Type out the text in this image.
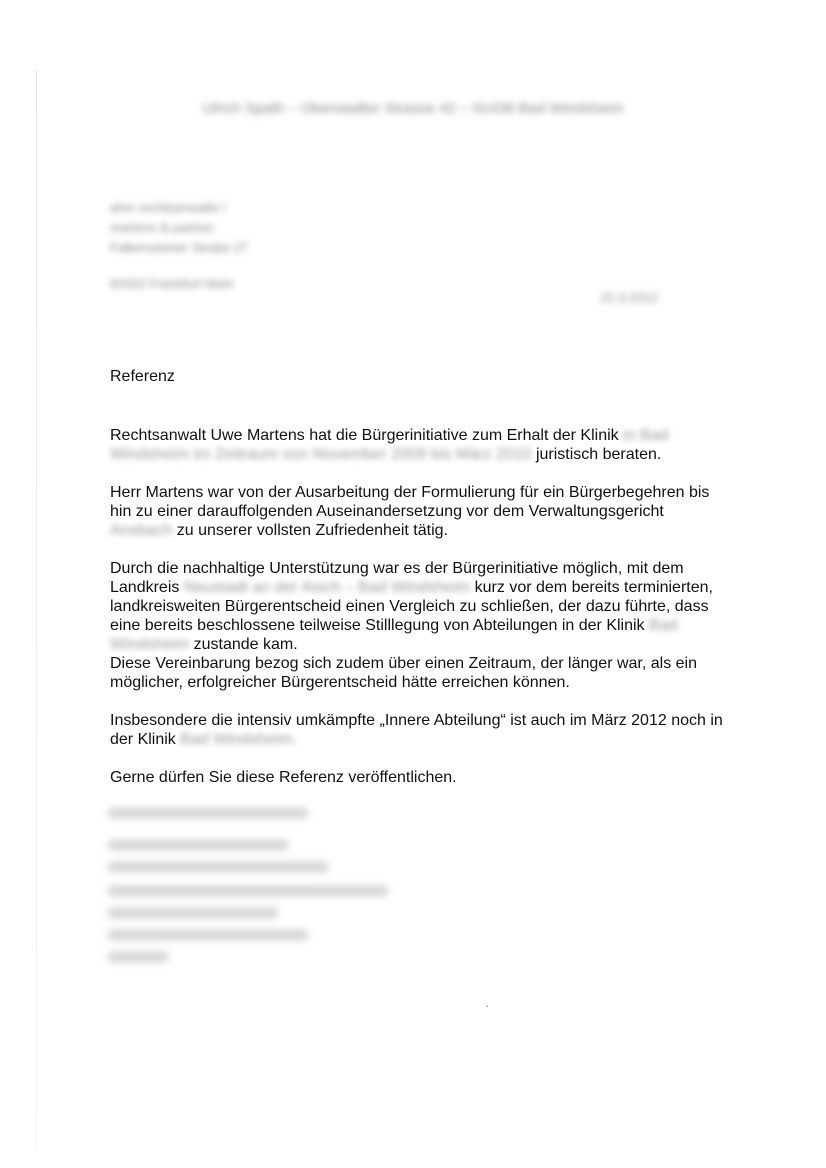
Ulrich Spath – Oberstadter Strasse 42 – 91438 Bad Windsheim
ahm rechtsanwalte i
martens & partner
Falkensteiner Strabe 27
60322 Frankfurt Main
15.3.2012
Referenz

Rechtsanwalt Uwe Martens hat die Bürgerinitiative zum Erhalt der Klinik in Bad
Windsheim im Zeitraum von November 2009 bis März 2010 juristisch beraten.

Herr Martens war von der Ausarbeitung der Formulierung für ein Bürgerbegehren bis hin zu einer darauffolgenden Auseinandersetzung vor dem Verwaltungsgericht
Ansbach zu unserer vollsten Zufriedenheit tätig.

Durch die nachhaltige Unterstützung war es der Bürgerinitiative möglich, mit dem Landkreis Neustadt an der Aisch – Bad Windsheim kurz vor dem bereits terminierten, landkreisweiten Bürgerentscheid einen Vergleich zu schließen, der dazu führte, dass eine bereits beschlossene teilweise Stilllegung von Abteilungen in der Klinik Bad
Windsheim zustande kam.

Diese Vereinbarung bezog sich zudem über einen Zeitraum, der länger war, als ein möglicher, erfolgreicher Bürgerentscheid hätte erreichen können.

Insbesondere die intensiv umkämpfte „Innere Abteilung“ ist auch im März 2012 noch in der Klinik Bad Windsheim.

Gerne dürfen Sie diese Referenz veröffentlichen.
